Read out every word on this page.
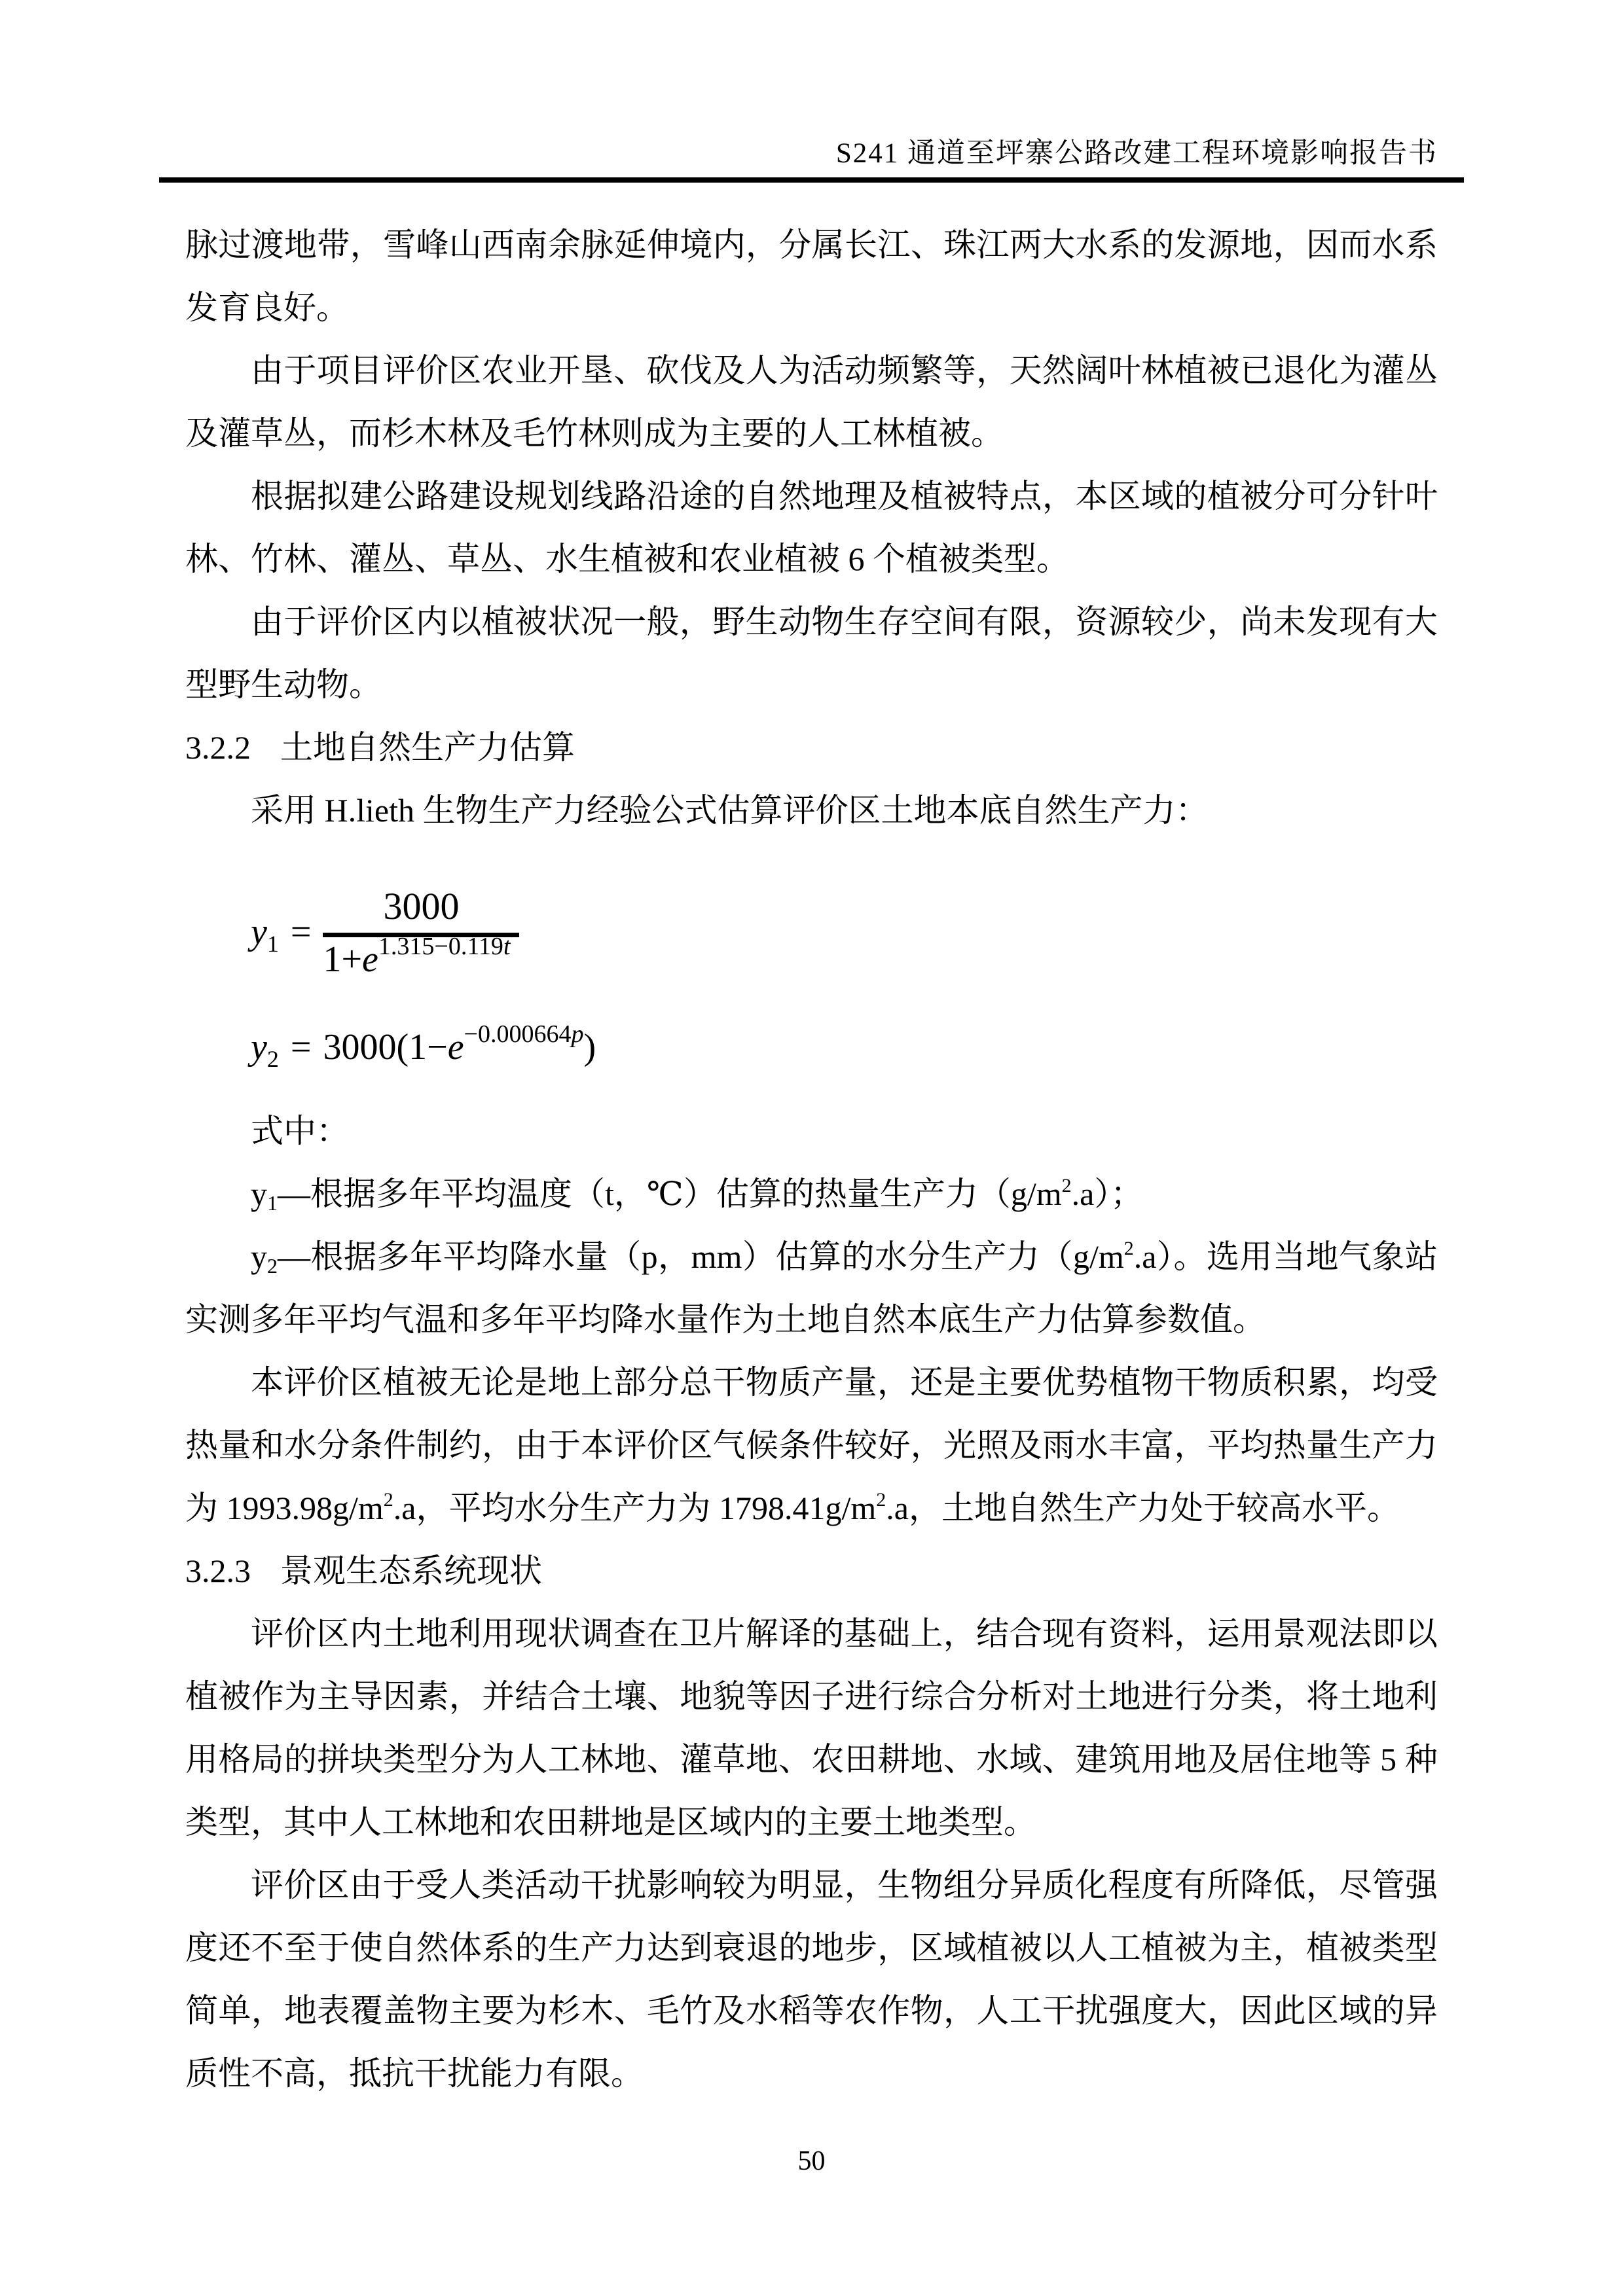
S241 通道至坪寨公路改建工程环境影响报告书

脉过渡地带，雪峰山西南余脉延伸境内，分属长江、珠江两大水系的发源地，因而水系发育良好。

由于项目评价区农业开垦、砍伐及人为活动频繁等，天然阔叶林植被已退化为灌丛及灌草丛，而杉木林及毛竹林则成为主要的人工林植被。

根据拟建公路建设规划线路沿途的自然地理及植被特点，本区域的植被分可分针叶林、竹林、灌丛、草丛、水生植被和农业植被 6 个植被类型。

由于评价区内以植被状况一般，野生动物生存空间有限，资源较少，尚未发现有大型野生动物。

3.2.2 土地自然生产力估算

采用 H.lieth 生物生产力经验公式估算评价区土地本底自然生产力：

$y_1$ =
3000
$1+e^{1.315-0.119t}$
$y_2 = 3000(1-e^{-0.000664p})$

式中：

$y_1—$根据多年平均温度（t，℃）估算的热量生产力$(g/m^2.a)$；

$y_2—$根据多年平均降水量（p，mm）估算的水分生产力$(g/m^2.a)$。选用当地气象站实测多年平均气温和多年平均降水量作为土地自然本底生产力估算参数值。

本评价区植被无论是地上部分总干物质产量，还是主要优势植物干物质积累，均受热量和水分条件制约，由于本评价区气候条件较好，光照及雨水丰富，平均热量生产力为 $1993.98g/m^2.a$，平均水分生产力为 $1798.41g/m^2.a$，土地自然生产力处于较高水平。

3.2.3 景观生态系统现状

评价区内土地利用现状调查在卫片解译的基础上，结合现有资料，运用景观法即以植被作为主导因素，并结合土壤、地貌等因子进行综合分析对土地进行分类，将土地利用格局的拼块类型分为人工林地、灌草地、农田耕地、水域、建筑用地及居住地等 5 种类型，其中人工林地和农田耕地是区域内的主要土地类型。

评价区由于受人类活动干扰影响较为明显，生物组分异质化程度有所降低，尽管强度还不至于使自然体系的生产力达到衰退的地步，区域植被以人工植被为主，植被类型简单，地表覆盖物主要为杉木、毛竹及水稻等农作物，人工干扰强度大，因此区域的异质性不高，抵抗干扰能力有限。

50
